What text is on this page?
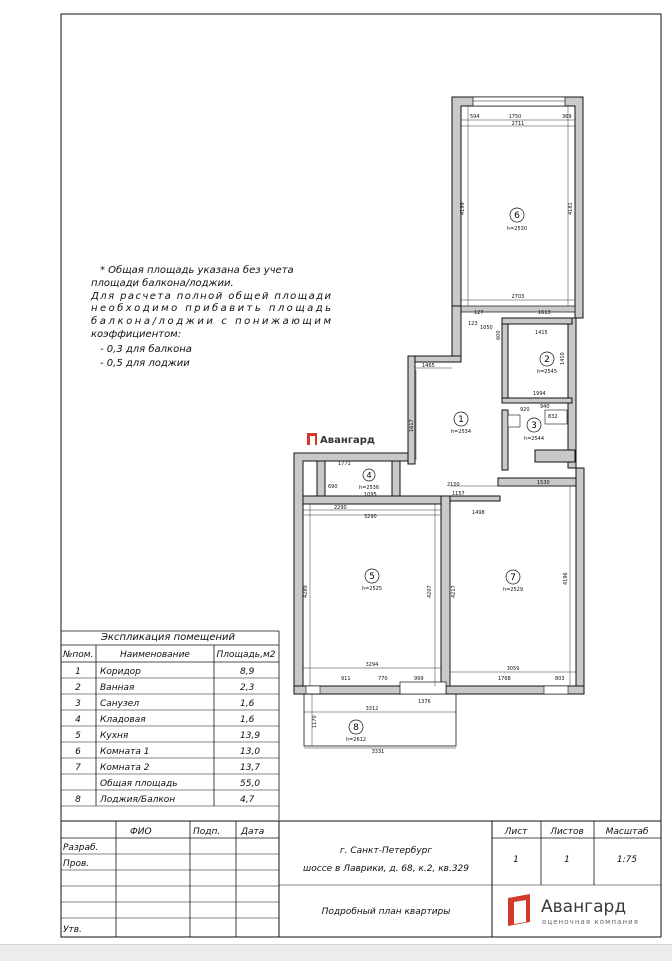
* Общая площадь указана без учета
площади балкона/лоджии.
Для расчета полной общей площади
необходимо прибавить площадь
балкона/лоджии с понижающим
коэффициентом:
- 0,3 для балкона
- 0,5 для лоджии
6
h=2530
2
h=2545
3
h=2544
1
h=2534
4
h=2536
5
h=2525
7
h=2529
8
h=2612
594	1750	369
2711
4199	4181
2703
1613
127
1050
123
600	1415
1465
1410
1994
920
832
940
1617
1771
690
1095
2290
3290
2100
1498
1157
4289	4207	4217
4196
3294
3059
911	770	999	1768	803
3312
1376
3331
1530
1170
Авангард
Экспликация помещений
№пом.	Наименование	Площадь,м2
1 Коридор	8,9
2 Ванная	2,3
3 Санузел	1,6
4 Кладовая	1,6
5 Кухня	13,9
6 Комната 1	13,0
7 Комната 2	13,7
Общая площадь	55,0
8 Лоджия/Балкон	4,7
ФИО	Подп. Дата
Разраб.
Пров.
Утв.
г. Санкт-Петербург
шоссе в Лаврики, д. 68, к.2, кв.329
Подробный план квартиры
Лист	Листов Масштаб
1	1	1:75
Авангард
оценочная компания
